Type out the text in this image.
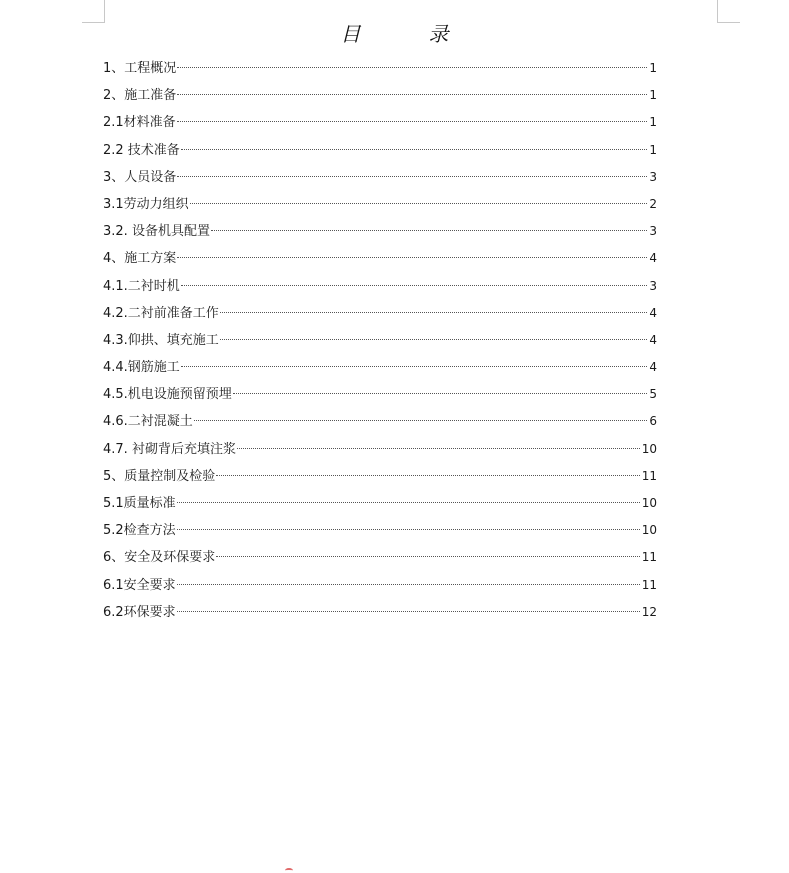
目　录
1、工程概况	1
2、施工准备	1
2.1材料准备	1
2.2 技术准备	1
3、人员设备	3
3.1劳动力组织	2
3.2. 设备机具配置	3
4、施工方案	4
4.1.二衬时机	3
4.2.二衬前准备工作	4
4.3.仰拱、填充施工	4
4.4.钢筋施工	4
4.5.机电设施预留预埋	5
4.6.二衬混凝土	6
4.7. 衬砌背后充填注浆	10
5、质量控制及检验	11
5.1质量标准	10
5.2检查方法	10
6、安全及环保要求	11
6.1安全要求	11
6.2环保要求	12
